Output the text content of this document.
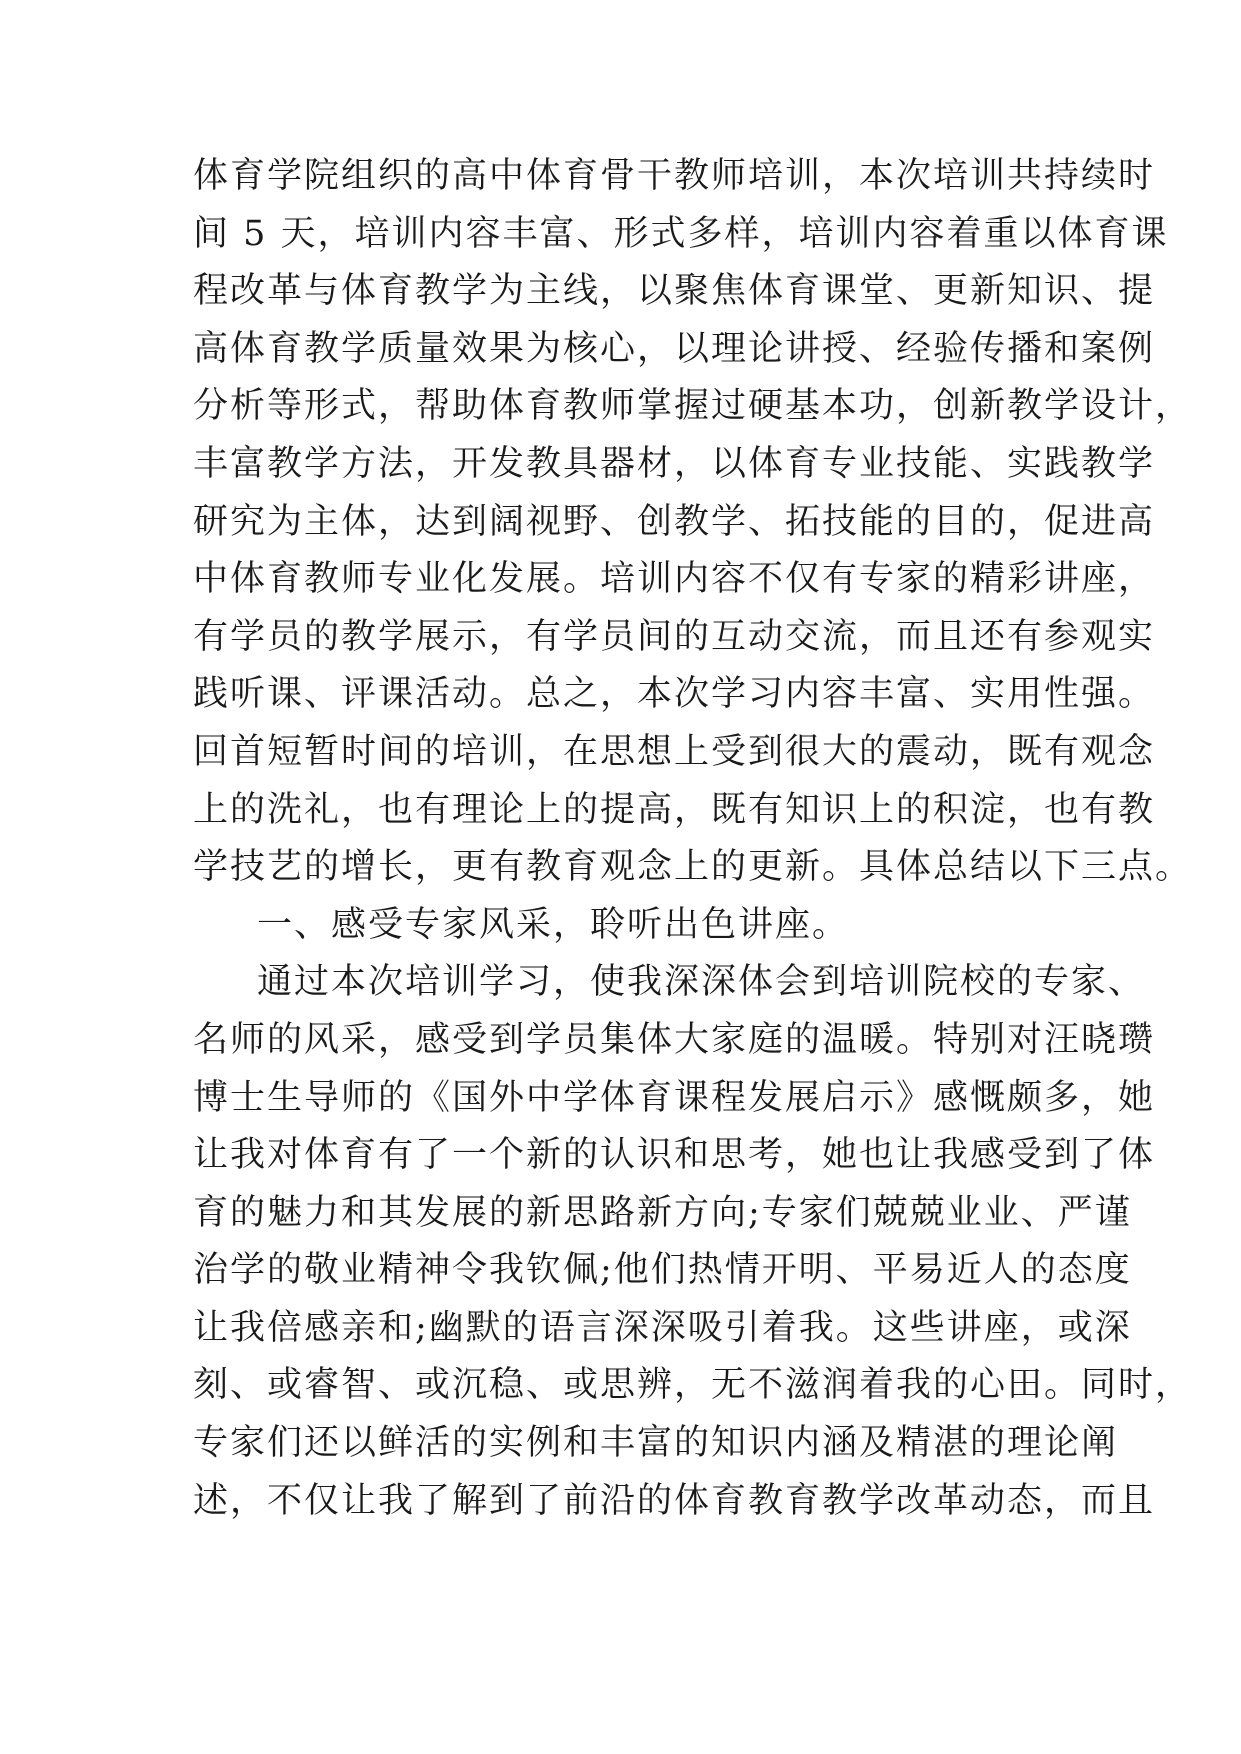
体育学院组织的高中体育骨干教师培训，本次培训共持续时
间 5 天，培训内容丰富、形式多样，培训内容着重以体育课
程改革与体育教学为主线，以聚焦体育课堂、更新知识、提
高体育教学质量效果为核心，以理论讲授、经验传播和案例
分析等形式，帮助体育教师掌握过硬基本功，创新教学设计，
丰富教学方法，开发教具器材，以体育专业技能、实践教学
研究为主体，达到阔视野、创教学、拓技能的目的，促进高
中体育教师专业化发展。培训内容不仅有专家的精彩讲座，
有学员的教学展示，有学员间的互动交流，而且还有参观实
践听课、评课活动。总之，本次学习内容丰富、实用性强。
回首短暂时间的培训，在思想上受到很大的震动，既有观念
上的洗礼，也有理论上的提高，既有知识上的积淀，也有教
学技艺的增长，更有教育观念上的更新。具体总结以下三点。
一、感受专家风采，聆听出色讲座。
通过本次培训学习，使我深深体会到培训院校的专家、
名师的风采，感受到学员集体大家庭的温暖。特别对汪晓瓒
博士生导师的《国外中学体育课程发展启示》感慨颇多，她
让我对体育有了一个新的认识和思考，她也让我感受到了体
育的魅力和其发展的新思路新方向;专家们兢兢业业、严谨
治学的敬业精神令我钦佩;他们热情开明、平易近人的态度
让我倍感亲和;幽默的语言深深吸引着我。这些讲座，或深
刻、或睿智、或沉稳、或思辨，无不滋润着我的心田。同时，
专家们还以鲜活的实例和丰富的知识内涵及精湛的理论阐
述，不仅让我了解到了前沿的体育教育教学改革动态，而且
